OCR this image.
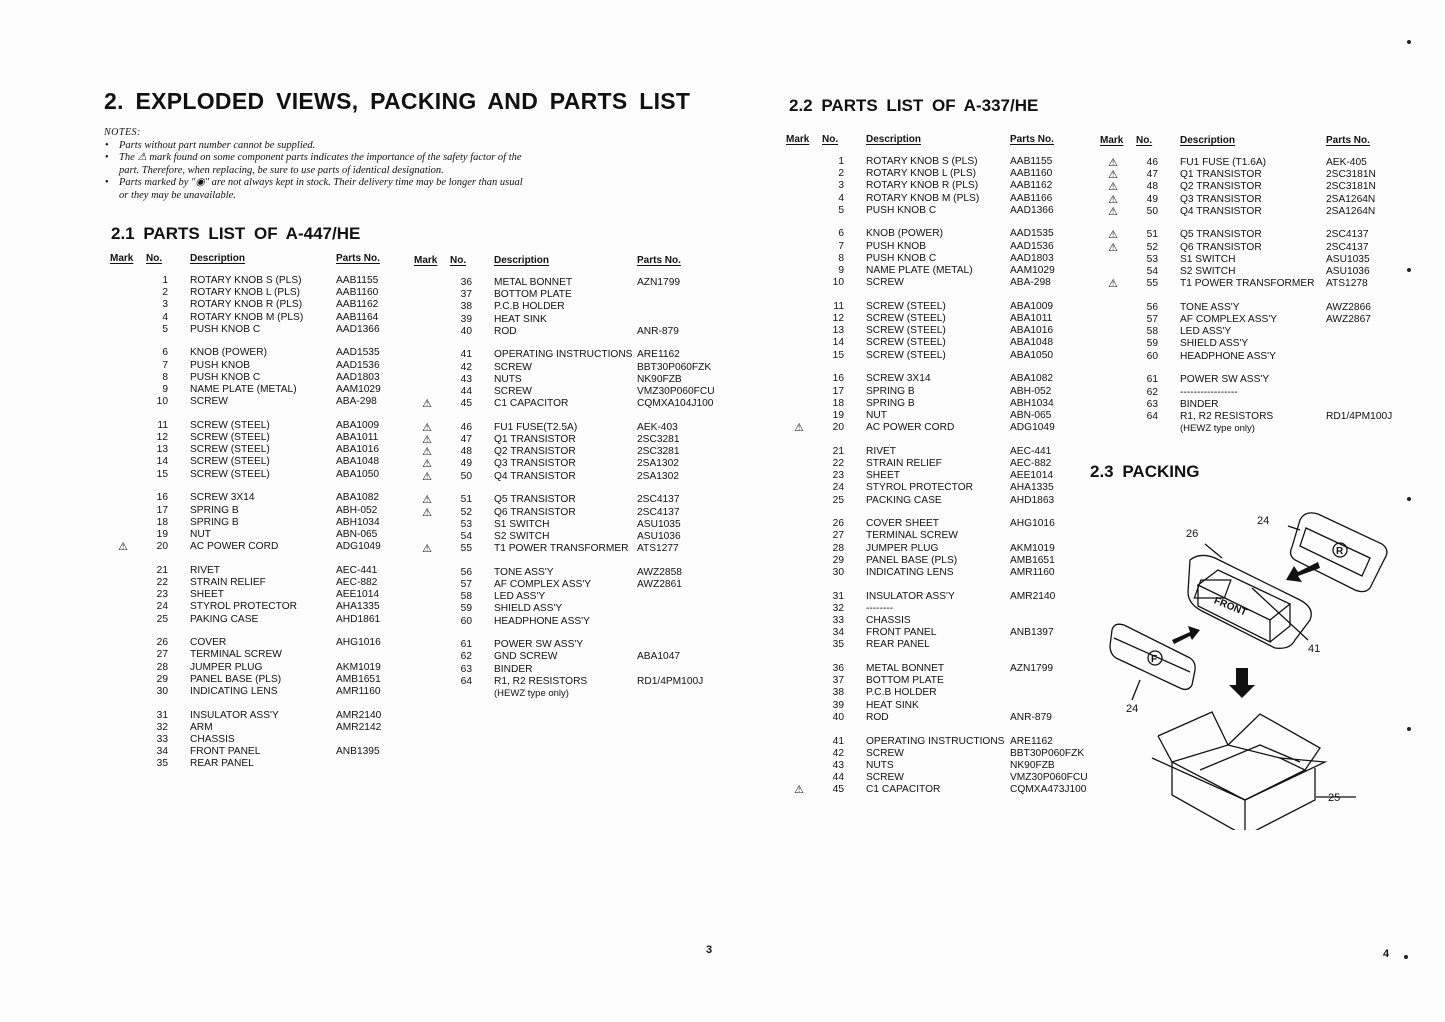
2. EXPLODED VIEWS, PACKING AND PARTS LIST
NOTES:
• Parts without part number cannot be supplied.
• The ⚠ mark found on some component parts indicates the importance of the safety factor of the part. Therefore, when replacing, be sure to use parts of identical designation.
• Parts marked by "◉" are not always kept in stock. Their delivery time may be longer than usual or they may be unavailable.
2.1 PARTS LIST OF A-447/HE
2.2 PARTS LIST OF A-337/HE
2.3 PACKING
Mark No.	Description	Parts No.
1 ROTARY KNOB S (PLS)	AAB1155
2 ROTARY KNOB L (PLS)	AAB1160
3 ROTARY KNOB R (PLS)	AAB1162
4 ROTARY KNOB M (PLS)	AAB1164
5 PUSH KNOB C	AAD1366
6 KNOB (POWER)	AAD1535
7 PUSH KNOB	AAD1536
8 PUSH KNOB C	AAD1803
9 NAME PLATE (METAL)	AAM1029
10 SCREW	ABA-298
11 SCREW (STEEL)	ABA1009
12 SCREW (STEEL)	ABA1011
13 SCREW (STEEL)	ABA1016
14 SCREW (STEEL)	ABA1048
15 SCREW (STEEL)	ABA1050
16 SCREW 3X14	ABA1082
17 SPRING B	ABH-052
18 SPRING B	ABH1034
19 NUT	ABN-065
⚠	20 AC POWER CORD	ADG1049
21 RIVET	AEC-441
22 STRAIN RELIEF	AEC-882
23 SHEET	AEE1014
24 STYROL PROTECTOR	AHA1335
25 PAKING CASE	AHD1861
26 COVER	AHG1016
27 TERMINAL SCREW
28 JUMPER PLUG	AKM1019
29 PANEL BASE (PLS)	AMB1651
30 INDICATING LENS	AMR1160
31 INSULATOR ASS'Y	AMR2140
32 ARM	AMR2142
33 CHASSIS
34 FRONT PANEL	ANB1395
35 REAR PANEL
Mark No.	Description	Parts No.
36 METAL BONNET	AZN1799
37 BOTTOM PLATE
38 P.C.B HOLDER
39 HEAT SINK
40 ROD	ANR-879
41 OPERATING INSTRUCTIONS ARE1162
42 SCREW	BBT30P060FZK
43 NUTS	NK90FZB
44 SCREW	VMZ30P060FCU
⚠	45 C1 CAPACITOR	CQMXA104J100
⚠	46 FU1 FUSE(T2.5A)	AEK-403
⚠	47 Q1 TRANSISTOR	2SC3281
⚠	48 Q2 TRANSISTOR	2SC3281
⚠	49 Q3 TRANSISTOR	2SA1302
⚠	50 Q4 TRANSISTOR	2SA1302
⚠	51 Q5 TRANSISTOR	2SC4137
⚠	52 Q6 TRANSISTOR	2SC4137
53 S1 SWITCH	ASU1035
54 S2 SWITCH	ASU1036
⚠	55 T1 POWER TRANSFORMER ATS1277
56 TONE ASS'Y	AWZ2858
57 AF COMPLEX ASS'Y	AWZ2861
58 LED ASS'Y
59 SHIELD ASS'Y
60 HEADPHONE ASS'Y
61 POWER SW ASS'Y
62 GND SCREW	ABA1047
63 BINDER
64 R1, R2 RESISTORS	RD1/4PM100J
(HEWZ type only)
Mark No.	Description	Parts No.
1 ROTARY KNOB S (PLS)	AAB1155
2 ROTARY KNOB L (PLS)	AAB1160
3 ROTARY KNOB R (PLS)	AAB1162
4 ROTARY KNOB M (PLS)	AAB1166
5 PUSH KNOB C	AAD1366
6 KNOB (POWER)	AAD1535
7 PUSH KNOB	AAD1536
8 PUSH KNOB C	AAD1803
9 NAME PLATE (METAL)	AAM1029
10 SCREW	ABA-298
11 SCREW (STEEL)	ABA1009
12 SCREW (STEEL)	ABA1011
13 SCREW (STEEL)	ABA1016
14 SCREW (STEEL)	ABA1048
15 SCREW (STEEL)	ABA1050
16 SCREW 3X14	ABA1082
17 SPRING B	ABH-052
18 SPRING B	ABH1034
19 NUT	ABN-065
⚠	20 AC POWER CORD	ADG1049
21 RIVET	AEC-441
22 STRAIN RELIEF	AEC-882
23 SHEET	AEE1014
24 STYROL PROTECTOR	AHA1335
25 PACKING CASE	AHD1863
26 COVER SHEET	AHG1016
27 TERMINAL SCREW
28 JUMPER PLUG	AKM1019
29 PANEL BASE (PLS)	AMB1651
30 INDICATING LENS	AMR1160
31 INSULATOR ASS'Y	AMR2140
32 --------
33 CHASSIS
34 FRONT PANEL	ANB1397
35 REAR PANEL
36 METAL BONNET	AZN1799
37 BOTTOM PLATE
38 P.C.B HOLDER
39 HEAT SINK
40 ROD	ANR-879
41 OPERATING INSTRUCTIONS ARE1162
42 SCREW	BBT30P060FZK
43 NUTS	NK90FZB
44 SCREW	VMZ30P060FCU
⚠	45 C1 CAPACITOR	CQMXA473J100
Mark No.	Description	Parts No.
⚠	46 FU1 FUSE (T1.6A)	AEK-405
⚠	47 Q1 TRANSISTOR	2SC3181N
⚠	48 Q2 TRANSISTOR	2SC3181N
⚠	49 Q3 TRANSISTOR	2SA1264N
⚠	50 Q4 TRANSISTOR	2SA1264N
⚠	51 Q5 TRANSISTOR	2SC4137
⚠	52 Q6 TRANSISTOR	2SC4137
53 S1 SWITCH	ASU1035
54 S2 SWITCH	ASU1036
⚠	55 T1 POWER TRANSFORMER ATS1278
56 TONE ASS'Y	AWZ2866
57 AF COMPLEX ASS'Y	AWZ2867
58 LED ASS'Y
59 SHIELD ASS'Y
60 HEADPHONE ASS'Y
61 POWER SW ASS'Y
62 -----------------
63 BINDER
64 R1, R2 RESISTORS	RD1/4PM100J
(HEWZ type only)
R
FRONT
F
24
26
41
24
25
3	4
